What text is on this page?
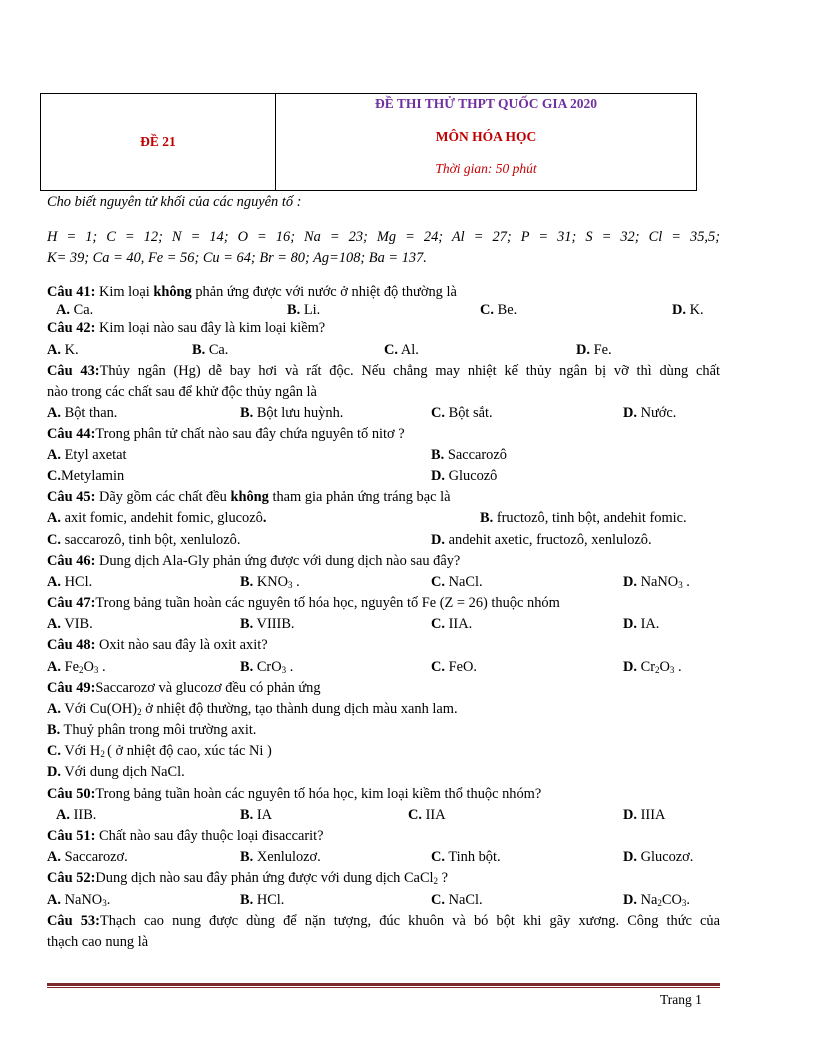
ĐỀ 21
ĐỀ THI THỬ THPT QUỐC GIA 2020
MÔN HÓA HỌC
Thời gian: 50 phút
Cho biết nguyên tử khối của các nguyên tố :
H = 1; C = 12; N = 14; O = 16; Na = 23; Mg = 24; Al = 27; P = 31; S = 32; Cl = 35,5;
K= 39; Ca = 40, Fe = 56; Cu = 64; Br = 80; Ag=108; Ba = 137.
Câu 41: Kim loại không phản ứng được với nước ở nhiệt độ thường là
A. Ca.	B. Li.	C. Be.	D. K.
Câu 42: Kim loại nào sau đây là kim loại kiềm?
A. K.	B. Ca.	C. Al.	D. Fe.
Câu 43:Thủy ngân (Hg) dễ bay hơi và rất độc. Nếu chẳng may nhiệt kế thủy ngân bị vỡ thì dùng chất
nào trong các chất sau để khử độc thủy ngân là
A. Bột than.	B. Bột lưu huỳnh.	C. Bột sắt.	D. Nước.
Câu 44:Trong phân tử chất nào sau đây chứa nguyên tố nitơ ?
A. Etyl axetat	B. Saccarozô
C.Metylamin	D. Glucozô
Câu 45: Dãy gồm các chất đều không tham gia phản ứng tráng bạc là
A. axit fomic, andehit fomic, glucozô.	B. fructozô, tinh bột, andehit fomic.
C. saccarozô, tinh bột, xenlulozô.	D. andehit axetic, fructozô, xenlulozô.
Câu 46: Dung dịch Ala-Gly phản ứng được với dung dịch nào sau đây?
A. HCl.	B. $KNO_3$ .	C. NaCl.	D. NaNO$_3$ .
Câu 47:Trong bảng tuần hoàn các nguyên tố hóa học, nguyên tố Fe (Z = 26) thuộc nhóm
A. VIB.	B. VIIIB.	C. IIA.	D. IA.
Câu 48: Oxit nào sau đây là oxit axit?
A. $Fe_2O_3$ .	B. CrO$_3$ .	C. FeO.	D. $Cr_2O_3$ .
Câu 49:Saccarozơ và glucozơ đều có phản ứng
A. Với $Cu(OH)_2$ ở nhiệt độ thường, tạo thành dung dịch màu xanh lam.
B. Thuỷ phân trong môi trường axit.
C. Với $H_2$ ( ở nhiệt độ cao, xúc tác Ni )
D. Với dung dịch NaCl.
Câu 50:Trong bảng tuần hoàn các nguyên tố hóa học, kim loại kiềm thổ thuộc nhóm?
A. IIB.	B. IA	C. IIA	D. IIIA
Câu 51: Chất nào sau đây thuộc loại đisaccarit?
A. Saccarozơ.	B. Xenlulozơ.	C. Tinh bột.	D. Glucozơ.
Câu 52:Dung dịch nào sau đây phản ứng được với dung dịch CaCl$_2$ ?
A. NaNO$_3$.	B. HCl.	C. NaCl.	D. $Na_2CO_3$.
Câu 53:Thạch cao nung được dùng để nặn tượng, đúc khuôn và bó bột khi gãy xương. Công thức của
thạch cao nung là
Trang 1
